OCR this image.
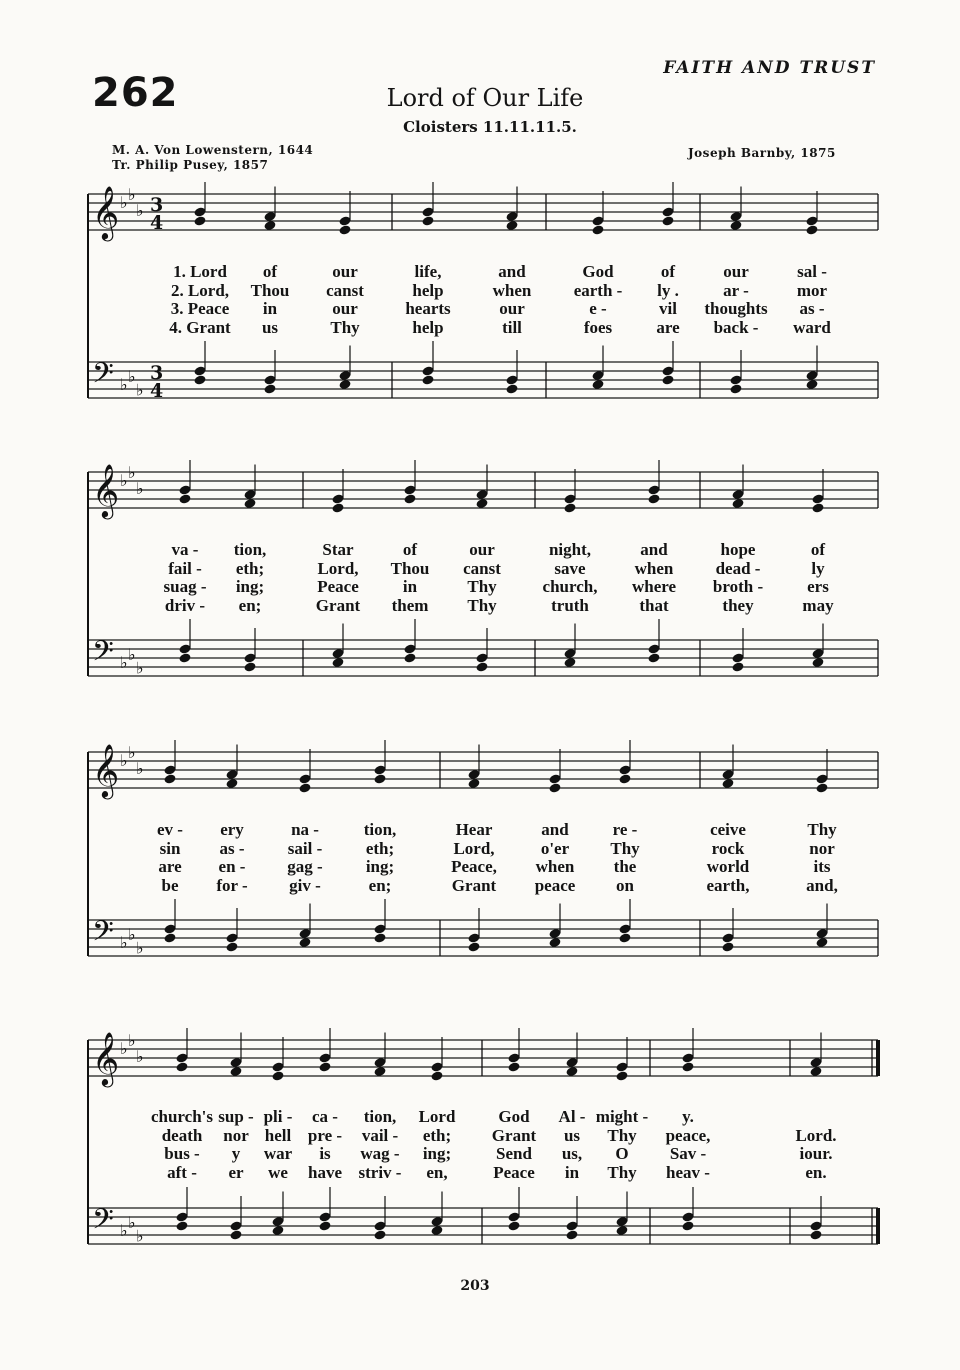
262
FAITH AND TRUST
Lord of Our Life
Cloisters 11.11.11.5.
M. A. Von Lowenstern, 1644
Tr. Philip Pusey, 1857
Joseph Barnby, 1875
𝄞 ♭ ♭
♭
𝄢 ♭ ♭
♭
𝄞 ♭ ♭
♭
𝄢 ♭ ♭
♭
𝄞 ♭ ♭
♭
𝄢 ♭ ♭
♭
𝄞 ♭ ♭
♭
𝄢 ♭ ♭
♭
3
4
3
4
1. Lord of	our	life,	and	God	of	our	sal -
2. Lord, Thou canst	help	when earth - ly .	ar -	mor
3. Peace in	our	hearts	our	e -	vil thoughts as -
4. Grant us	Thy	help	till	foes	are back - ward
va - tion,	Star	of	our	night,	and	hope	of
fail - eth;	Lord, Thou canst	save	when dead -	ly
suag - ing;	Peace	in	Thy	church, where broth -	ers
driv - en;	Grant them Thy	truth	that	they	may
ev - ery	na -	tion,	Hear	and	re -	ceive	Thy
sin as -	sail -	eth;	Lord,	o'er Thy	rock	nor
are en - gag -	ing;	Peace, when the	world	its
be for - giv -	en;	Grant peace on	earth,	and,
church's sup - pli - ca - tion, Lord	God Al - might - y.
death nor hell pre - vail - eth; Grant us Thy peace,	Lord.
bus - y war is wag - ing;	Send us, O Sav -	iour.
aft - er we have striv - en,	Peace in Thy heav -	en.
203
